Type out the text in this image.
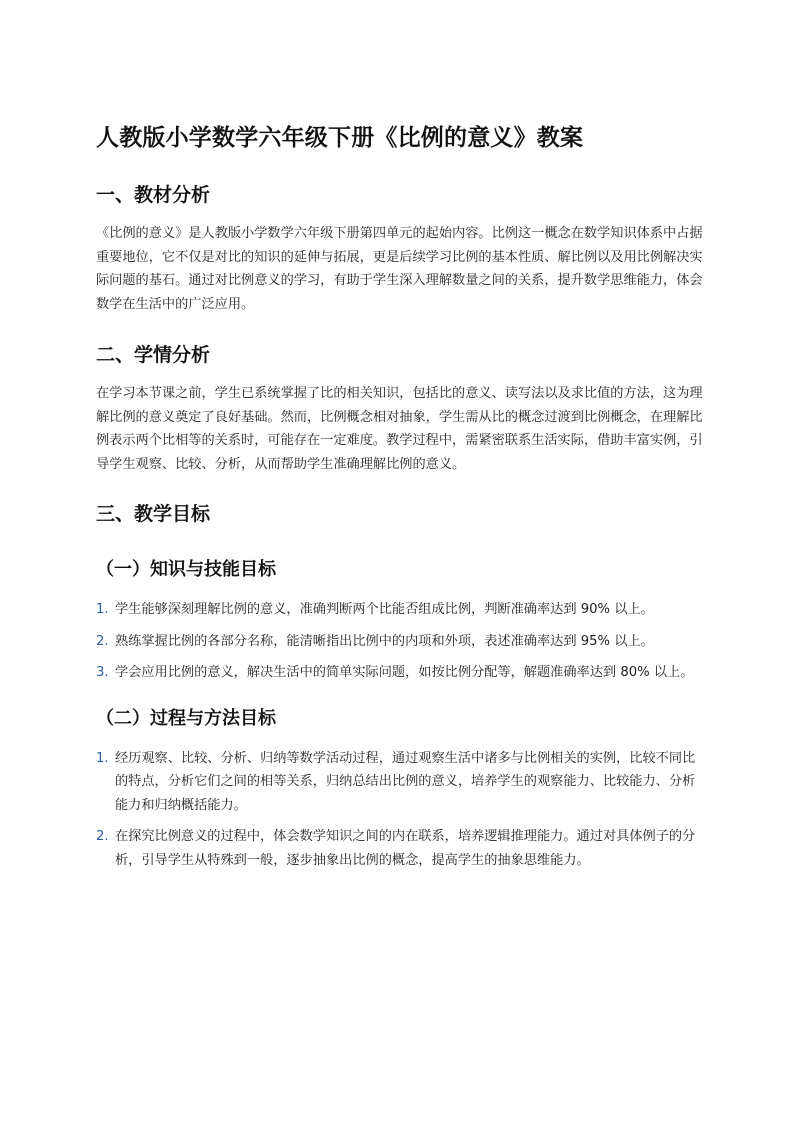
人教版小学数学六年级下册《比例的意义》教案
一、教材分析

《比例的意义》是人教版小学数学六年级下册第四单元的起始内容。比例这一概念在数学知识体系中占据重要地位，它不仅是对比的知识的延伸与拓展，更是后续学习比例的基本性质、解比例以及用比例解决实际问题的基石。通过对比例意义的学习，有助于学生深入理解数量之间的关系，提升数学思维能力，体会数学在生活中的广泛应用。

二、学情分析

在学习本节课之前，学生已系统掌握了比的相关知识，包括比的意义、读写法以及求比值的方法，这为理解比例的意义奠定了良好基础。然而，比例概念相对抽象，学生需从比的概念过渡到比例概念，在理解比例表示两个比相等的关系时，可能存在一定难度。教学过程中，需紧密联系生活实际，借助丰富实例，引导学生观察、比较、分析，从而帮助学生准确理解比例的意义。

三、教学目标
（一）知识与技能目标
1. 学生能够深刻理解比例的意义，准确判断两个比能否组成比例，判断准确率达到 90% 以上。
2. 熟练掌握比例的各部分名称，能清晰指出比例中的内项和外项，表述准确率达到 95% 以上。
3. 学会应用比例的意义，解决生活中的简单实际问题，如按比例分配等，解题准确率达到 80% 以上。
（二）过程与方法目标
1. 经历观察、比较、分析、归纳等数学活动过程，通过观察生活中诸多与比例相关的实例，比较不同比的特点，分析它们之间的相等关系，归纳总结出比例的意义，培养学生的观察能力、比较能力、分析能力和归纳概括能力。
2. 在探究比例意义的过程中，体会数学知识之间的内在联系，培养逻辑推理能力。通过对具体例子的分析，引导学生从特殊到一般，逐步抽象出比例的概念，提高学生的抽象思维能力。
